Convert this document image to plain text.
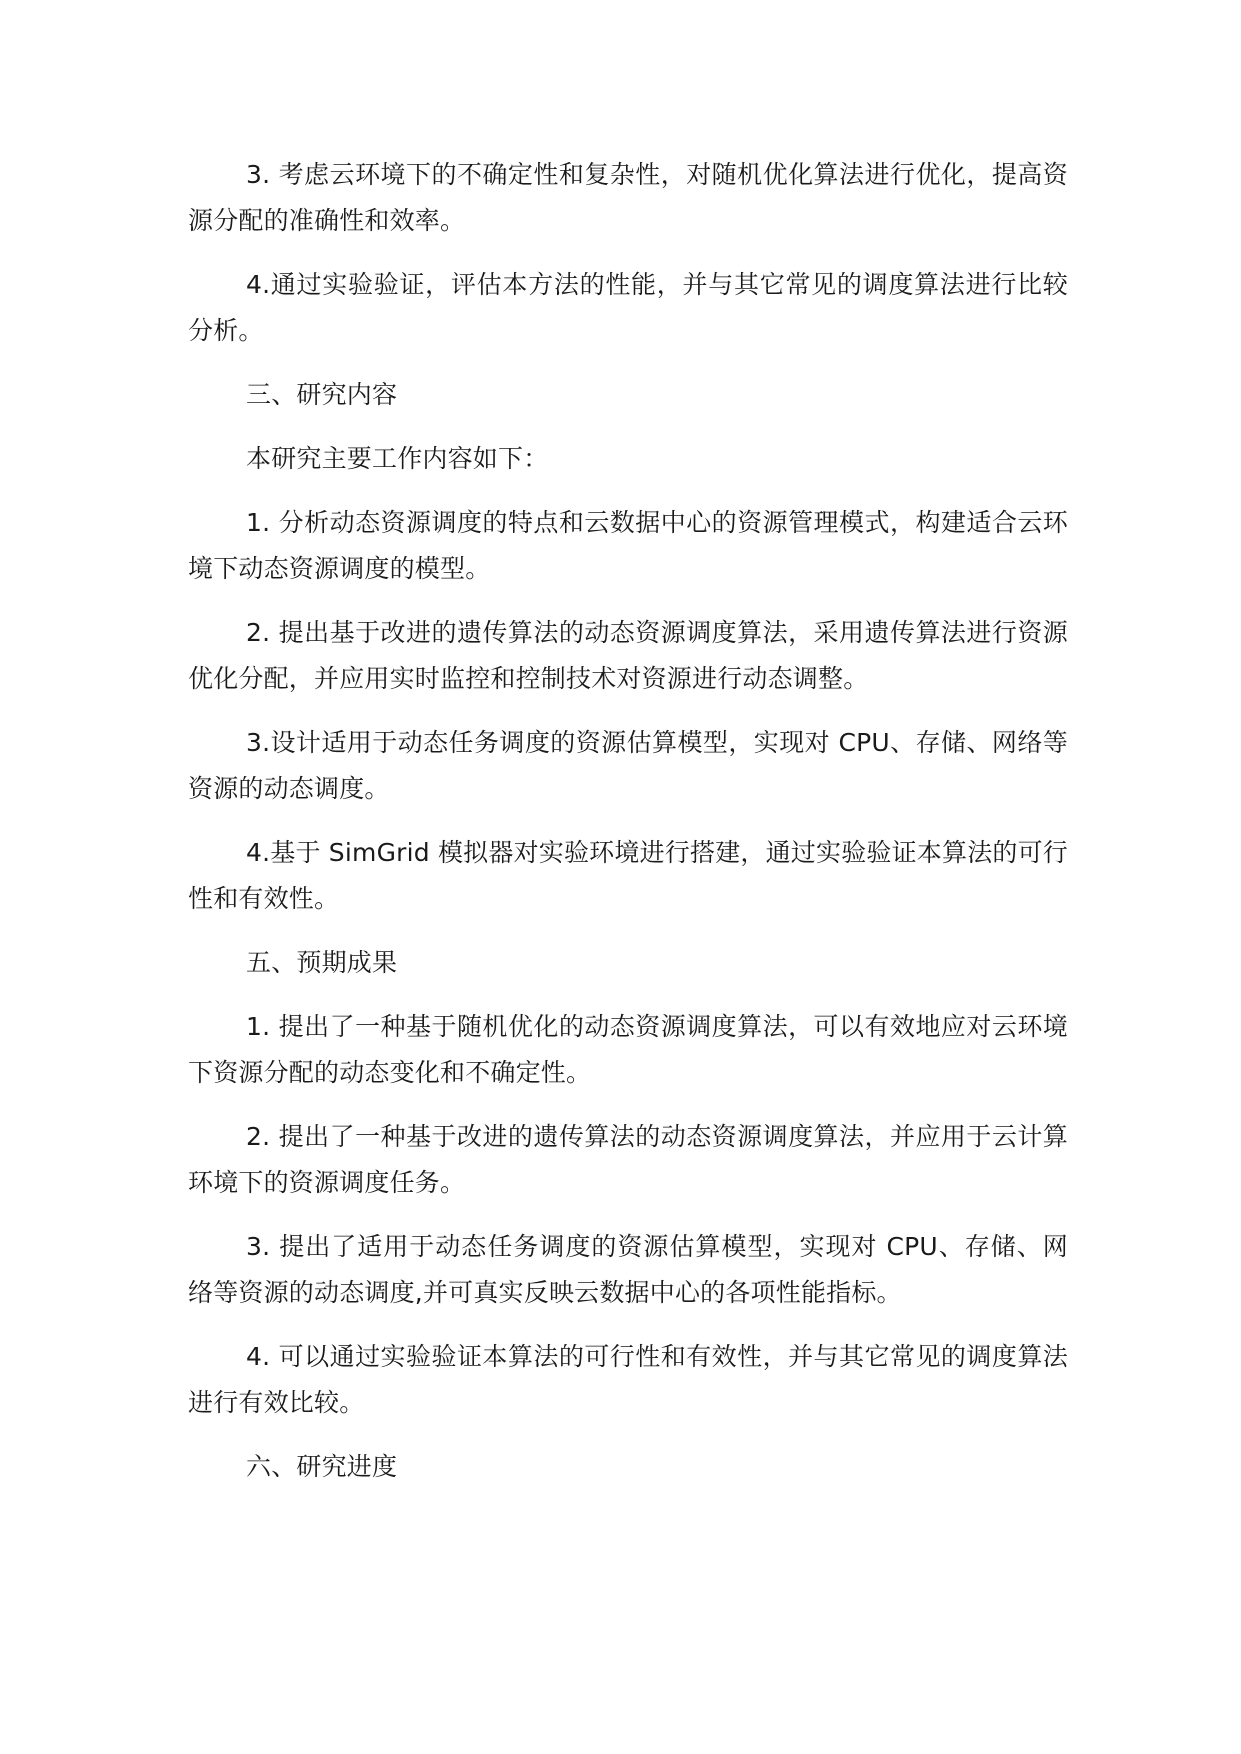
3. 考虑云环境下的不确定性和复杂性，对随机优化算法进行优化，提高资源分配的准确性和效率。

4.通过实验验证，评估本方法的性能，并与其它常见的调度算法进行比较分析。

三、研究内容

本研究主要工作内容如下：

1. 分析动态资源调度的特点和云数据中心的资源管理模式，构建适合云环境下动态资源调度的模型。

2. 提出基于改进的遗传算法的动态资源调度算法，采用遗传算法进行资源优化分配，并应用实时监控和控制技术对资源进行动态调整。

3.设计适用于动态任务调度的资源估算模型，实现对 CPU、存储、网络等资源的动态调度。

4.基于 SimGrid 模拟器对实验环境进行搭建，通过实验验证本算法的可行性和有效性。

五、预期成果

1. 提出了一种基于随机优化的动态资源调度算法，可以有效地应对云环境下资源分配的动态变化和不确定性。

2. 提出了一种基于改进的遗传算法的动态资源调度算法，并应用于云计算环境下的资源调度任务。

3. 提出了适用于动态任务调度的资源估算模型，实现对 CPU、存储、网络等资源的动态调度,并可真实反映云数据中心的各项性能指标。

4. 可以通过实验验证本算法的可行性和有效性，并与其它常见的调度算法进行有效比较。

六、研究进度
